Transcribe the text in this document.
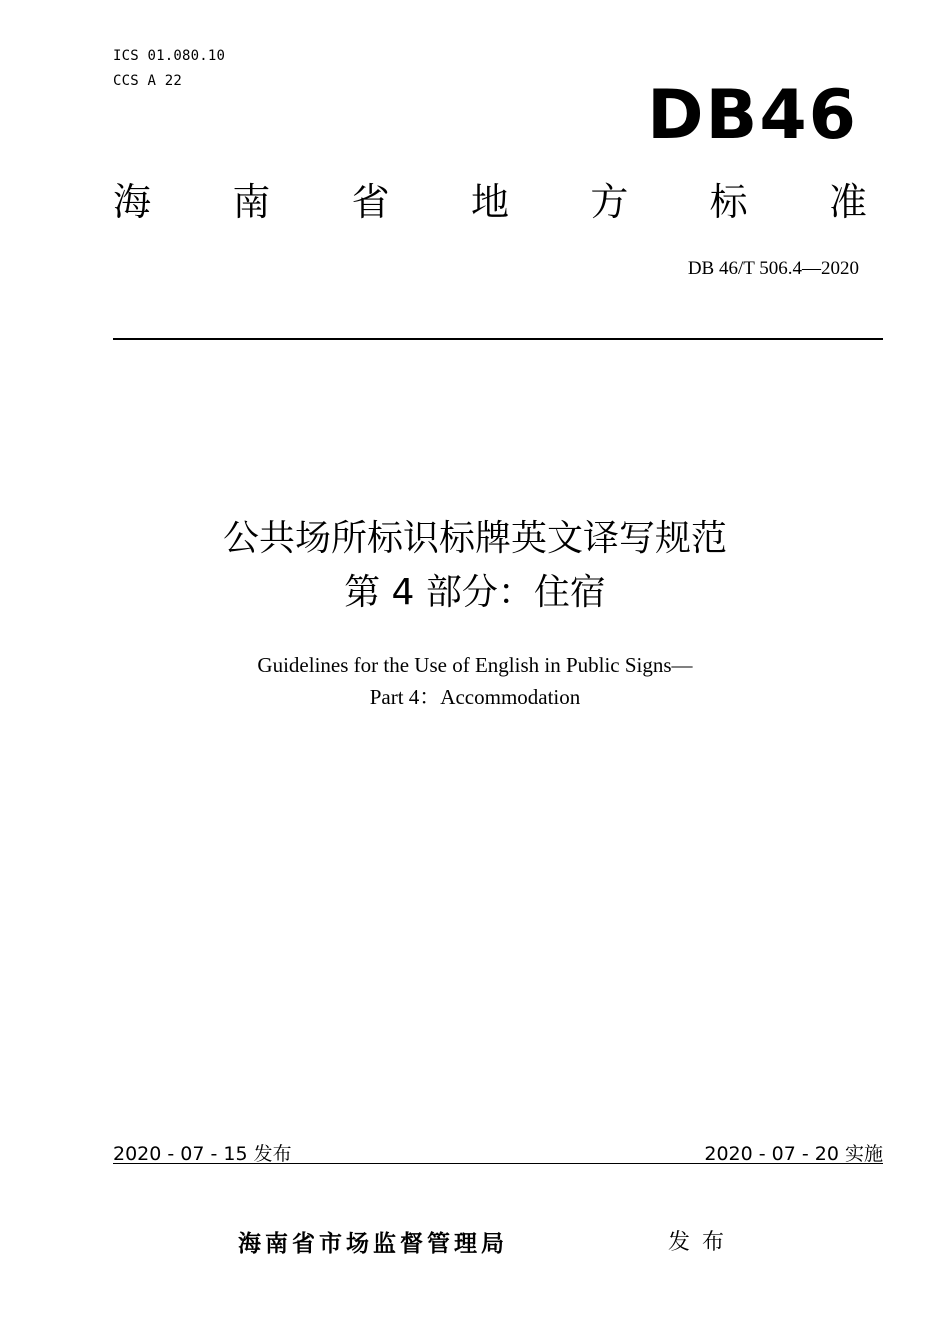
ICS 01.080.10
CCS A 22	DB46
海 南 省 地 方 标 准
DB 46/T 506.4—2020
公共场所标识标牌英文译写规范
第 4 部分：住宿
Guidelines for the Use of English in Public Signs—
Part 4：Accommodation
2020 - 07 - 15 发布	2020 - 07 - 20 实施
海南省市场监督管理局	发布
